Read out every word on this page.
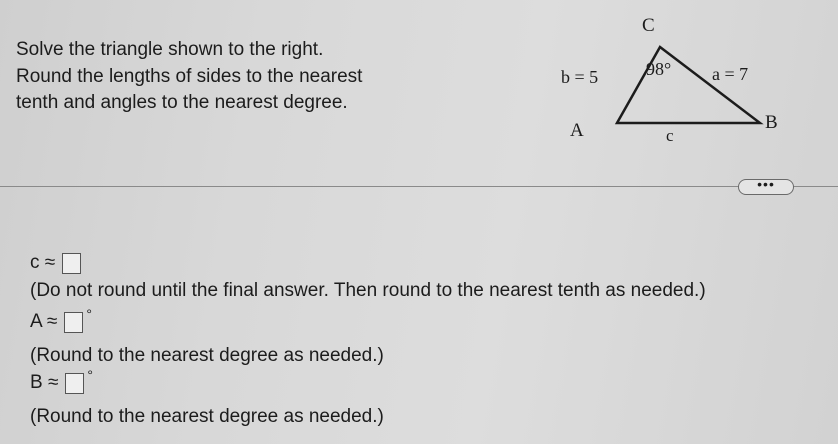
Solve the triangle shown to the right.
Round the lengths of sides to the nearest
tenth and angles to the nearest degree.
C
A	B
b = 5	a = 7
c
98°
•••
c ≈
(Do not round until the final answer. Then round to the nearest tenth as needed.)
A ≈ °
(Round to the nearest degree as needed.)
B ≈ °
(Round to the nearest degree as needed.)
